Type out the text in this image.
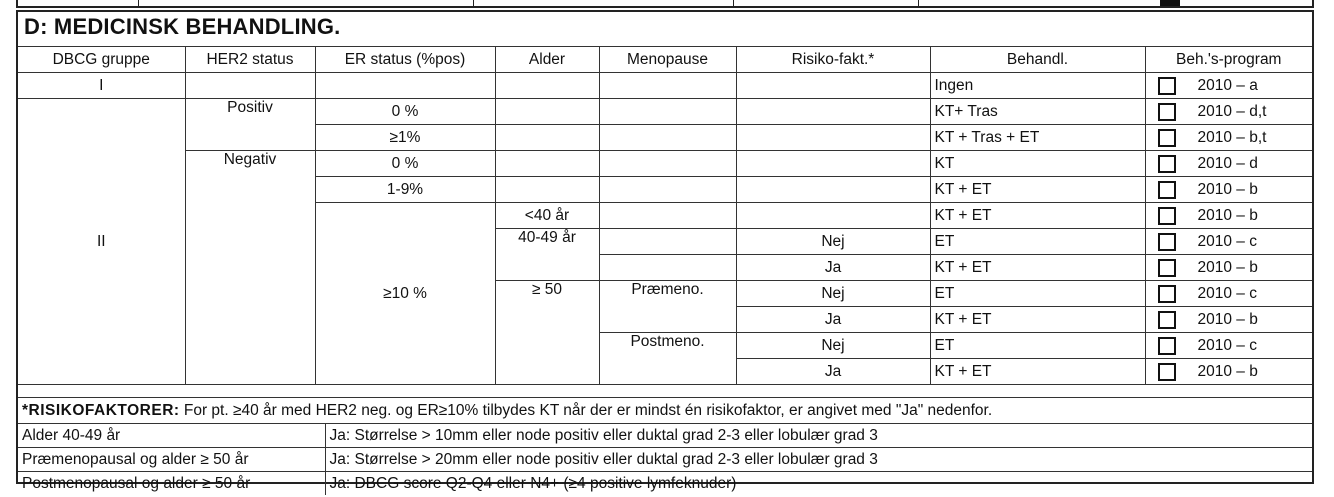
D: MEDICINSK BEHANDLING.
DBCG gruppe	HER2 status	ER status (%pos)	Alder	Menopause	Risiko-fakt.*	Behandl.	Beh.'s-program
I						Ingen	2010 – a

II	Positiv	0 %				KT+ Tras	2010 – d,t

		≥1%				KT + Tras + ET	2010 – b,t

	Negativ	0 %				KT	2010 – d

		1-9%				KT + ET	2010 – b

		≥10 %	<40 år			KT + ET	2010 – b

			40-49 år		Nej	ET	2010 – c

					Ja	KT + ET	2010 – b

			≥ 50	Præmeno.	Nej	ET	2010 – c

					Ja	KT + ET	2010 – b

				Postmeno.	Nej	ET	2010 – c

					Ja	KT + ET	2010 – b
*RISIKOFAKTORER: For pt. ≥40 år med HER2 neg. og ER≥10% tilbydes KT når der er mindst én risikofaktor, er angivet med "Ja" nedenfor.
Alder 40-49 år	Ja: Størrelse > 10mm eller node positiv eller duktal grad 2-3 eller lobulær grad 3
Præmenopausal og alder ≥ 50 år	Ja: Størrelse > 20mm eller node positiv eller duktal grad 2-3 eller lobulær grad 3
Postmenopausal og alder ≥ 50 år	Ja: DBCG score Q2-Q4 eller N4+ (≥4 positive lymfeknuder)
